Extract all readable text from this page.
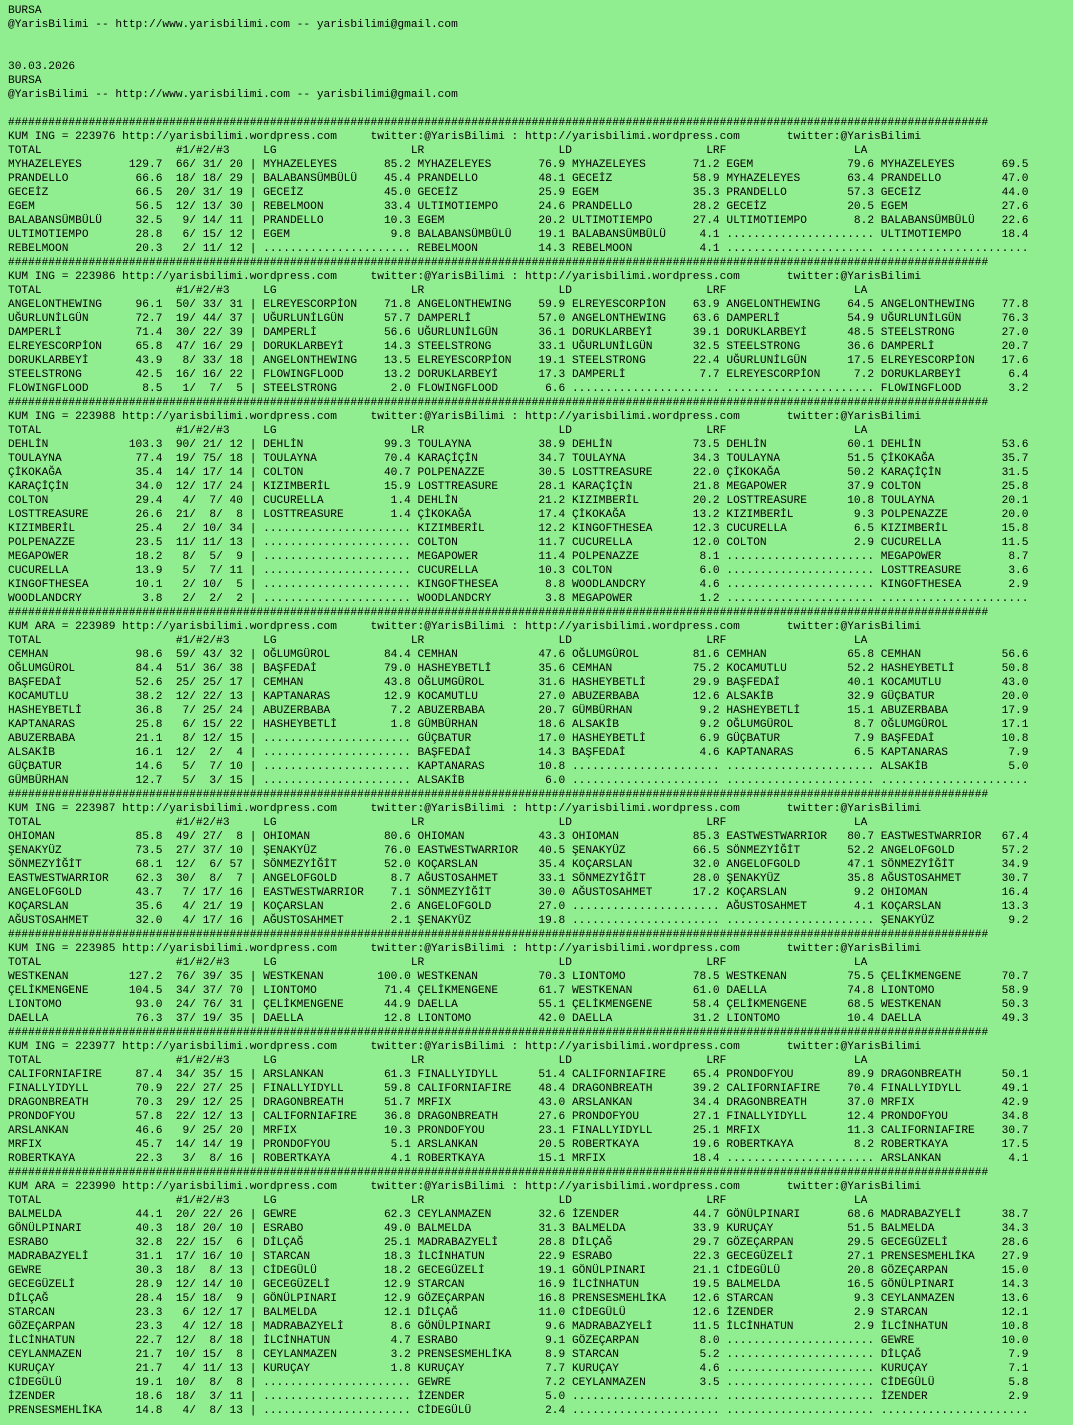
BURSA
@YarisBilimi -- http://www.yarisbilimi.com -- yarisbilimi@gmail.com

30.03.2026
BURSA
@YarisBilimi -- http://www.yarisbilimi.com -- yarisbilimi@gmail.com

##################################################################################################################################################
KUM ING = 223976 http://yarisbilimi.wordpress.com     twitter:@YarisBilimi : http://yarisbilimi.wordpress.com       twitter:@YarisBilimi
TOTAL                    #1/#2/#3     LG                    LR                    LD                    LRF                   LA
MYHAZELEYES       129.7  66/ 31/ 20 | MYHAZELEYES       85.2 MYHAZELEYES       76.9 MYHAZELEYES       71.2 EGEM              79.6 MYHAZELEYES       69.5
PRANDELLO          66.6  18/ 18/ 29 | BALABANSÜMBÜLÜ    45.4 PRANDELLO         48.1 GECEİZ            58.9 MYHAZELEYES       63.4 PRANDELLO         47.0
GECEİZ             66.5  20/ 31/ 19 | GECEİZ            45.0 GECEİZ            25.9 EGEM              35.3 PRANDELLO         57.3 GECEİZ            44.0
EGEM               56.5  12/ 13/ 30 | REBELMOON         33.4 ULTIMOTIEMPO      24.6 PRANDELLO         28.2 GECEİZ            20.5 EGEM              27.6
BALABANSÜMBÜLÜ     32.5   9/ 14/ 11 | PRANDELLO         10.3 EGEM              20.2 ULTIMOTIEMPO      27.4 ULTIMOTIEMPO       8.2 BALABANSÜMBÜLÜ    22.6
ULTIMOTIEMPO       28.8   6/ 15/ 12 | EGEM               9.8 BALABANSÜMBÜLÜ    19.1 BALABANSÜMBÜLÜ     4.1 ...................... ULTIMOTIEMPO      18.4
REBELMOON          20.3   2/ 11/ 12 | ...................... REBELMOON         14.3 REBELMOON          4.1 ...................... ......................
##################################################################################################################################################
KUM ING = 223986 http://yarisbilimi.wordpress.com     twitter:@YarisBilimi : http://yarisbilimi.wordpress.com       twitter:@YarisBilimi
TOTAL                    #1/#2/#3     LG                    LR                    LD                    LRF                   LA
ANGELONTHEWING     96.1  50/ 33/ 31 | ELREYESCORPİON    71.8 ANGELONTHEWING    59.9 ELREYESCORPİON    63.9 ANGELONTHEWING    64.5 ANGELONTHEWING    77.8
UĞURLUNİLGÜN       72.7  19/ 44/ 37 | UĞURLUNİLGÜN      57.7 DAMPERLİ          57.0 ANGELONTHEWING    63.6 DAMPERLİ          54.9 UĞURLUNİLGÜN      76.3
DAMPERLİ           71.4  30/ 22/ 39 | DAMPERLİ          56.6 UĞURLUNİLGÜN      36.1 DORUKLARBEYİ      39.1 DORUKLARBEYİ      48.5 STEELSTRONG       27.0
ELREYESCORPİON     65.8  47/ 16/ 29 | DORUKLARBEYİ      14.3 STEELSTRONG       33.1 UĞURLUNİLGÜN      32.5 STEELSTRONG       36.6 DAMPERLİ          20.7
DORUKLARBEYİ       43.9   8/ 33/ 18 | ANGELONTHEWING    13.5 ELREYESCORPİON    19.1 STEELSTRONG       22.4 UĞURLUNİLGÜN      17.5 ELREYESCORPİON    17.6
STEELSTRONG        42.5  16/ 16/ 22 | FLOWINGFLOOD      13.2 DORUKLARBEYİ      17.3 DAMPERLİ           7.7 ELREYESCORPİON     7.2 DORUKLARBEYİ       6.4
FLOWINGFLOOD        8.5   1/  7/  5 | STEELSTRONG        2.0 FLOWINGFLOOD       6.6 ...................... ...................... FLOWINGFLOOD       3.2
##################################################################################################################################################
KUM ING = 223988 http://yarisbilimi.wordpress.com     twitter:@YarisBilimi : http://yarisbilimi.wordpress.com       twitter:@YarisBilimi
TOTAL                    #1/#2/#3     LG                    LR                    LD                    LRF                   LA
DEHLİN            103.3  90/ 21/ 12 | DEHLİN            99.3 TOULAYNA          38.9 DEHLİN            73.5 DEHLİN            60.1 DEHLİN            53.6
TOULAYNA           77.4  19/ 75/ 18 | TOULAYNA          70.4 KARAÇİÇİN         34.7 TOULAYNA          34.3 TOULAYNA          51.5 ÇİKOKAĞA          35.7
ÇİKOKAĞA           35.4  14/ 17/ 14 | COLTON            40.7 POLPENAZZE        30.5 LOSTTREASURE      22.0 ÇİKOKAĞA          50.2 KARAÇİÇİN         31.5
KARAÇİÇİN          34.0  12/ 17/ 24 | KIZIMBERİL        15.9 LOSTTREASURE      28.1 KARAÇİÇİN         21.8 MEGAPOWER         37.9 COLTON            25.8
COLTON             29.4   4/  7/ 40 | CUCURELLA          1.4 DEHLİN            21.2 KIZIMBERİL        20.2 LOSTTREASURE      10.8 TOULAYNA          20.1
LOSTTREASURE       26.6  21/  8/  8 | LOSTTREASURE       1.4 ÇİKOKAĞA          17.4 ÇİKOKAĞA          13.2 KIZIMBERİL         9.3 POLPENAZZE        20.0
KIZIMBERİL         25.4   2/ 10/ 34 | ...................... KIZIMBERİL        12.2 KINGOFTHESEA      12.3 CUCURELLA          6.5 KIZIMBERİL        15.8
POLPENAZZE         23.5  11/ 11/ 13 | ...................... COLTON            11.7 CUCURELLA         12.0 COLTON             2.9 CUCURELLA         11.5
MEGAPOWER          18.2   8/  5/  9 | ...................... MEGAPOWER         11.4 POLPENAZZE         8.1 ...................... MEGAPOWER          8.7
CUCURELLA          13.9   5/  7/ 11 | ...................... CUCURELLA         10.3 COLTON             6.0 ...................... LOSTTREASURE       3.6
KINGOFTHESEA       10.1   2/ 10/  5 | ...................... KINGOFTHESEA       8.8 WOODLANDCRY        4.6 ...................... KINGOFTHESEA       2.9
WOODLANDCRY         3.8   2/  2/  2 | ...................... WOODLANDCRY        3.8 MEGAPOWER          1.2 ...................... ......................
##################################################################################################################################################
KUM ARA = 223989 http://yarisbilimi.wordpress.com     twitter:@YarisBilimi : http://yarisbilimi.wordpress.com       twitter:@YarisBilimi
TOTAL                    #1/#2/#3     LG                    LR                    LD                    LRF                   LA
CEMHAN             98.6  59/ 43/ 32 | OĞLUMGÜROL        84.4 CEMHAN            47.6 OĞLUMGÜROL        81.6 CEMHAN            65.8 CEMHAN            56.6
OĞLUMGÜROL         84.4  51/ 36/ 38 | BAŞFEDAİ          79.0 HASHEYBETLİ       35.6 CEMHAN            75.2 KOCAMUTLU         52.2 HASHEYBETLİ       50.8
BAŞFEDAİ           52.6  25/ 25/ 17 | CEMHAN            43.8 OĞLUMGÜROL        31.6 HASHEYBETLİ       29.9 BAŞFEDAİ          40.1 KOCAMUTLU         43.0
KOCAMUTLU          38.2  12/ 22/ 13 | KAPTANARAS        12.9 KOCAMUTLU         27.0 ABUZERBABA        12.6 ALSAKİB           32.9 GÜÇBATUR          20.0
HASHEYBETLİ        36.8   7/ 25/ 24 | ABUZERBABA         7.2 ABUZERBABA        20.7 GÜMBÜRHAN          9.2 HASHEYBETLİ       15.1 ABUZERBABA        17.9
KAPTANARAS         25.8   6/ 15/ 22 | HASHEYBETLİ        1.8 GÜMBÜRHAN         18.6 ALSAKİB            9.2 OĞLUMGÜROL         8.7 OĞLUMGÜROL        17.1
ABUZERBABA         21.1   8/ 12/ 15 | ...................... GÜÇBATUR          17.0 HASHEYBETLİ        6.9 GÜÇBATUR           7.9 BAŞFEDAİ          10.8
ALSAKİB            16.1  12/  2/  4 | ...................... BAŞFEDAİ          14.3 BAŞFEDAİ           4.6 KAPTANARAS         6.5 KAPTANARAS         7.9
GÜÇBATUR           14.6   5/  7/ 10 | ...................... KAPTANARAS        10.8 ...................... ...................... ALSAKİB            5.0
GÜMBÜRHAN          12.7   5/  3/ 15 | ...................... ALSAKİB            6.0 ...................... ...................... ......................
##################################################################################################################################################
KUM ING = 223987 http://yarisbilimi.wordpress.com     twitter:@YarisBilimi : http://yarisbilimi.wordpress.com       twitter:@YarisBilimi
TOTAL                    #1/#2/#3     LG                    LR                    LD                    LRF                   LA
OHIOMAN            85.8  49/ 27/  8 | OHIOMAN           80.6 OHIOMAN           43.3 OHIOMAN           85.3 EASTWESTWARRIOR   80.7 EASTWESTWARRIOR   67.4
ŞENAKYÜZ           73.5  27/ 37/ 10 | ŞENAKYÜZ          76.0 EASTWESTWARRIOR   40.5 ŞENAKYÜZ          66.5 SÖNMEZYİĞİT       52.2 ANGELOFGOLD       57.2
SÖNMEZYİĞİT        68.1  12/  6/ 57 | SÖNMEZYİĞİT       52.0 KOÇARSLAN         35.4 KOÇARSLAN         32.0 ANGELOFGOLD       47.1 SÖNMEZYİĞİT       34.9
EASTWESTWARRIOR    62.3  30/  8/  7 | ANGELOFGOLD        8.7 AĞUSTOSAHMET      33.1 SÖNMEZYİĞİT       28.0 ŞENAKYÜZ          35.8 AĞUSTOSAHMET      30.7
ANGELOFGOLD        43.7   7/ 17/ 16 | EASTWESTWARRIOR    7.1 SÖNMEZYİĞİT       30.0 AĞUSTOSAHMET      17.2 KOÇARSLAN          9.2 OHIOMAN           16.4
KOÇARSLAN          35.6   4/ 21/ 19 | KOÇARSLAN          2.6 ANGELOFGOLD       27.0 ...................... AĞUSTOSAHMET       4.1 KOÇARSLAN         13.3
AĞUSTOSAHMET       32.0   4/ 17/ 16 | AĞUSTOSAHMET       2.1 ŞENAKYÜZ          19.8 ...................... ...................... ŞENAKYÜZ           9.2
##################################################################################################################################################
KUM ING = 223985 http://yarisbilimi.wordpress.com     twitter:@YarisBilimi : http://yarisbilimi.wordpress.com       twitter:@YarisBilimi
TOTAL                    #1/#2/#3     LG                    LR                    LD                    LRF                   LA
WESTKENAN         127.2  76/ 39/ 35 | WESTKENAN        100.0 WESTKENAN         70.3 LIONTOMO          78.5 WESTKENAN         75.5 ÇELİKMENGENE      70.7
ÇELİKMENGENE      104.5  34/ 37/ 70 | LIONTOMO          71.4 ÇELİKMENGENE      61.7 WESTKENAN         61.0 DAELLA            74.8 LIONTOMO          58.9
LIONTOMO           93.0  24/ 76/ 31 | ÇELİKMENGENE      44.9 DAELLA            55.1 ÇELİKMENGENE      58.4 ÇELİKMENGENE      68.5 WESTKENAN         50.3
DAELLA             76.3  37/ 19/ 35 | DAELLA            12.8 LIONTOMO          42.0 DAELLA            31.2 LIONTOMO          10.4 DAELLA            49.3
##################################################################################################################################################
KUM ING = 223977 http://yarisbilimi.wordpress.com     twitter:@YarisBilimi : http://yarisbilimi.wordpress.com       twitter:@YarisBilimi
TOTAL                    #1/#2/#3     LG                    LR                    LD                    LRF                   LA
CALIFORNIAFIRE     87.4  34/ 35/ 15 | ARSLANKAN         61.3 FINALLYIDYLL      51.4 CALIFORNIAFIRE    65.4 PRONDOFYOU        89.9 DRAGONBREATH      50.1
FINALLYIDYLL       70.9  22/ 27/ 25 | FINALLYIDYLL      59.8 CALIFORNIAFIRE    48.4 DRAGONBREATH      39.2 CALIFORNIAFIRE    70.4 FINALLYIDYLL      49.1
DRAGONBREATH       70.3  29/ 12/ 25 | DRAGONBREATH      51.7 MRFIX             43.0 ARSLANKAN         34.4 DRAGONBREATH      37.0 MRFIX             42.9
PRONDOFYOU         57.8  22/ 12/ 13 | CALIFORNIAFIRE    36.8 DRAGONBREATH      27.6 PRONDOFYOU        27.1 FINALLYIDYLL      12.4 PRONDOFYOU        34.8
ARSLANKAN          46.6   9/ 25/ 20 | MRFIX             10.3 PRONDOFYOU        23.1 FINALLYIDYLL      25.1 MRFIX             11.3 CALIFORNIAFIRE    30.7
MRFIX              45.7  14/ 14/ 19 | PRONDOFYOU         5.1 ARSLANKAN         20.5 ROBERTKAYA        19.6 ROBERTKAYA         8.2 ROBERTKAYA        17.5
ROBERTKAYA         22.3   3/  8/ 16 | ROBERTKAYA         4.1 ROBERTKAYA        15.1 MRFIX             18.4 ...................... ARSLANKAN          4.1
##################################################################################################################################################
KUM ARA = 223990 http://yarisbilimi.wordpress.com     twitter:@YarisBilimi : http://yarisbilimi.wordpress.com       twitter:@YarisBilimi
TOTAL                    #1/#2/#3     LG                    LR                    LD                    LRF                   LA
BALMELDA           44.1  20/ 22/ 26 | GEWRE             62.3 CEYLANMAZEN       32.6 İZENDER           44.7 GÖNÜLPINARI       68.6 MADRABAZYELİ      38.7
GÖNÜLPINARI        40.3  18/ 20/ 10 | ESRABO            49.0 BALMELDA          31.3 BALMELDA          33.9 KURUÇAY           51.5 BALMELDA          34.3
ESRABO             32.8  22/ 15/  6 | DİLÇAĞ            25.1 MADRABAZYELİ      28.8 DİLÇAĞ            29.7 GÖZEÇARPAN        29.5 GECEGÜZELİ        28.6
MADRABAZYELİ       31.1  17/ 16/ 10 | STARCAN           18.3 İLCİNHATUN        22.9 ESRABO            22.3 GECEGÜZELİ        27.1 PRENSESMEHLİKA    27.9
GEWRE              30.3  18/  8/ 13 | CİDEGÜLÜ          18.2 GECEGÜZELİ        19.1 GÖNÜLPINARI       21.1 CİDEGÜLÜ          20.8 GÖZEÇARPAN        15.0
GECEGÜZELİ         28.9  12/ 14/ 10 | GECEGÜZELİ        12.9 STARCAN           16.9 İLCİNHATUN        19.5 BALMELDA          16.5 GÖNÜLPINARI       14.3
DİLÇAĞ             28.4  15/ 18/  9 | GÖNÜLPINARI       12.9 GÖZEÇARPAN        16.8 PRENSESMEHLİKA    12.6 STARCAN            9.3 CEYLANMAZEN       13.6
STARCAN            23.3   6/ 12/ 17 | BALMELDA          12.1 DİLÇAĞ            11.0 CİDEGÜLÜ          12.6 İZENDER            2.9 STARCAN           12.1
GÖZEÇARPAN         23.3   4/ 12/ 18 | MADRABAZYELİ       8.6 GÖNÜLPINARI        9.6 MADRABAZYELİ      11.5 İLCİNHATUN         2.9 İLCİNHATUN        10.8
İLCİNHATUN         22.7  12/  8/ 18 | İLCİNHATUN         4.7 ESRABO             9.1 GÖZEÇARPAN         8.0 ...................... GEWRE             10.0
CEYLANMAZEN        21.7  10/ 15/  8 | CEYLANMAZEN        3.2 PRENSESMEHLİKA     8.9 STARCAN            5.2 ...................... DİLÇAĞ             7.9
KURUÇAY            21.7   4/ 11/ 13 | KURUÇAY            1.8 KURUÇAY            7.7 KURUÇAY            4.6 ...................... KURUÇAY            7.1
CİDEGÜLÜ           19.1  10/  8/  8 | ...................... GEWRE              7.2 CEYLANMAZEN        3.5 ...................... CİDEGÜLÜ           5.8
İZENDER            18.6  18/  3/ 11 | ...................... İZENDER            5.0 ...................... ...................... İZENDER            2.9
PRENSESMEHLİKA     14.8   4/  8/ 13 | ...................... CİDEGÜLÜ           2.4 ...................... ...................... ......................
